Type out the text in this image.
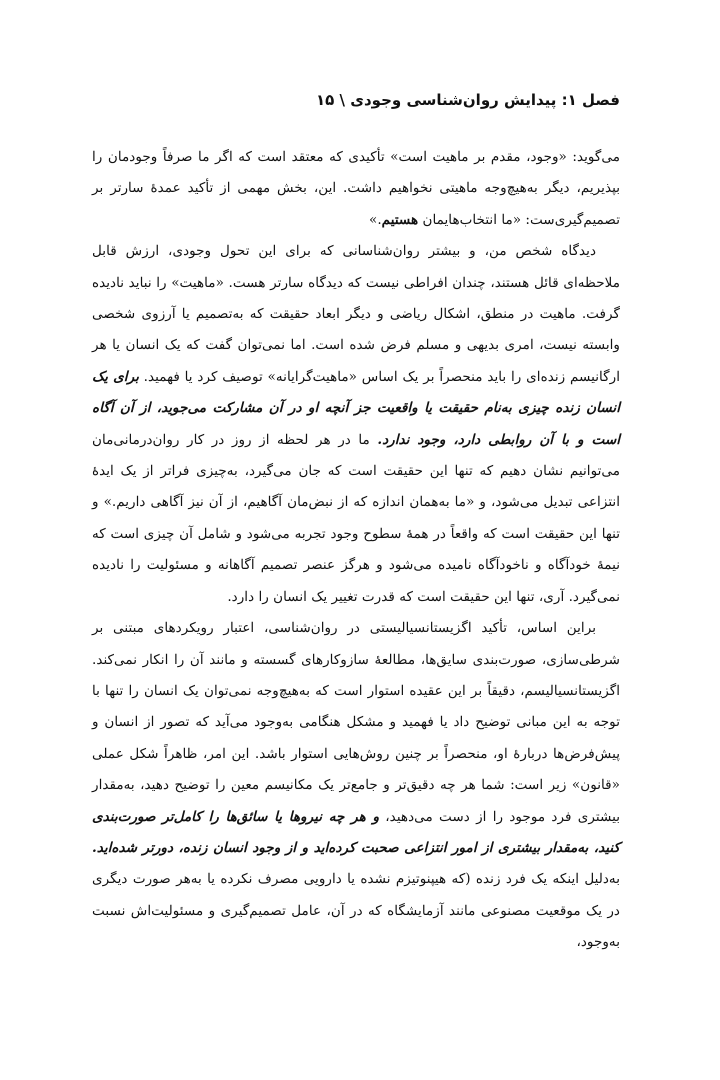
فصل ۱: پیدایش روان‌شناسی وجودی \ ۱۵

می‌گوید: «وجود، مقدم بر ماهیت است» تأکیدی که معتقد است که اگر ما صرفاً وجودمان را بپذیریم، دیگر به‌هیچ‌وجه ماهیتی نخواهیم داشت. این، بخش مهمی از تأکید عمدهٔ سارتر بر تصمیم‌گیری‌ست: «ما انتخاب‌هایمان هستیم.»

دیدگاه شخص من، و بیشتر روان‌شناسانی که برای این تحول وجودی، ارزش قابل ملاحظه‌ای قائل هستند، چندان افراطی نیست که دیدگاه سارتر هست. «ماهیت» را نباید نادیده گرفت. ماهیت در منطق، اشکال ریاضی و دیگر ابعاد حقیقت که به‌تصمیم یا آرزوی شخصی وابسته نیست، امری بدیهی و مسلم فرض شده است. اما نمی‌توان گفت که یک انسان یا هر ارگانیسم زنده‌ای را باید منحصراً بر یک اساس «ماهیت‌گرایانه» توصیف کرد یا فهمید. برای یک انسان زنده چیزی به‌نام حقیقت یا واقعیت جز آنچه او در آن مشارکت می‌جوید، از آن آگاه است و با آن روابطی دارد، وجود ندارد. ما در هر لحظه از روز در کار روان‌درمانی‌مان می‌توانیم نشان دهیم که تنها این حقیقت است که جان می‌گیرد، به‌چیزی فراتر از یک ایدهٔ انتزاعی تبدیل می‌شود، و «ما به‌همان اندازه که از نبض‌مان آگاهیم، از آن نیز آگاهی داریم.» و تنها این حقیقت است که واقعاً در همهٔ سطوح وجود تجربه می‌شود و شامل آن چیزی است که نیمهٔ خودآگاه و ناخودآگاه نامیده می‌شود و هرگز عنصر تصمیم آگاهانه و مسئولیت را نادیده نمی‌گیرد. آری، تنها این حقیقت است که قدرت تغییر یک انسان را دارد.

براین اساس، تأکید اگزیستانسیالیستی در روان‌شناسی، اعتبار رویکردهای مبتنی بر شرطی‌سازی، صورت‌بندی سایق‌ها، مطالعهٔ سازوکارهای گسسته و مانند آن را انکار نمی‌کند. اگزیستانسیالیسم، دقیقاً بر این عقیده استوار است که به‌هیچ‌وجه نمی‌توان یک انسان را تنها با توجه به این مبانی توضیح داد یا فهمید و مشکل هنگامی به‌وجود می‌آید که تصور از انسان و پیش‌فرض‌ها دربارهٔ او، منحصراً بر چنین روش‌هایی استوار باشد. این امر، ظاهراً شکل عملی «قانون» زیر است: شما هر چه دقیق‌تر و جامع‌تر یک مکانیسم معین را توضیح دهید، به‌مقدار بیشتری فرد موجود را از دست می‌دهید، و هر چه نیروها یا سائق‌ها را کامل‌تر صورت‌بندی کنید، به‌مقدار بیشتری از امور انتزاعی صحبت کرده‌اید و از وجود انسان زنده، دورتر شده‌اید. به‌دلیل اینکه یک فرد زنده (که هیپنوتیزم نشده یا دارویی مصرف نکرده یا به‌هر صورت دیگری در یک موقعیت مصنوعی مانند آزمایشگاه که در آن، عامل تصمیم‌گیری و مسئولیت‌اش نسبت به‌وجود،
